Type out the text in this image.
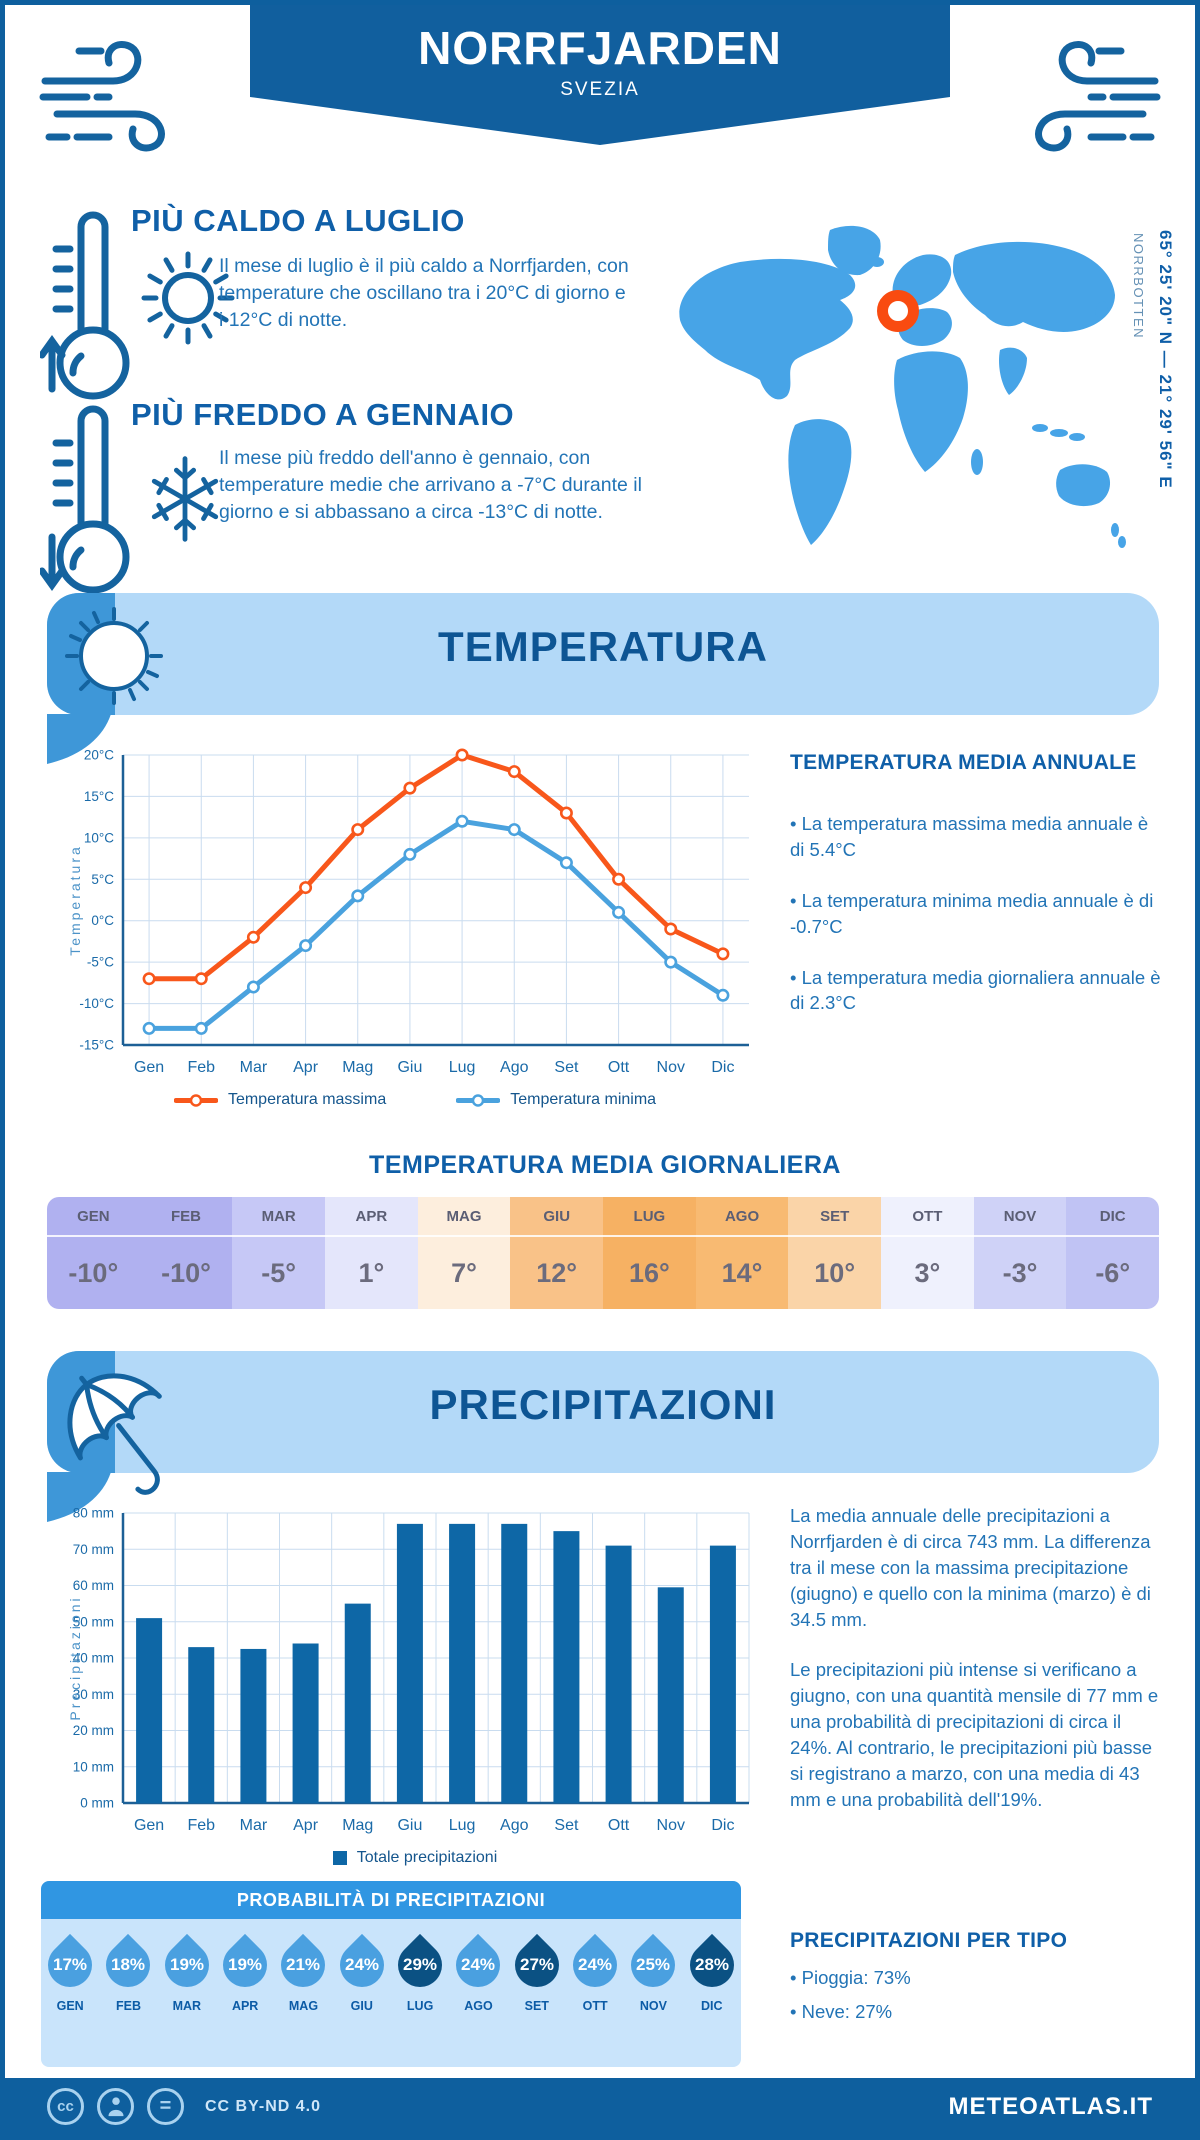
NORRFJARDEN
SVEZIA
PIÙ CALDO A LUGLIO
Il mese di luglio è il più caldo a Norrfjarden, con temperature che oscillano tra i 20°C di giorno e i 12°C di notte.
PIÙ FREDDO A GENNAIO
Il mese più freddo dell'anno è gennaio, con temperature medie che arrivano a -7°C durante il giorno e si abbassano a circa -13°C di notte.
65° 25' 20" N — 21° 29' 56" E
NORRBOTTEN
TEMPERATURA
-15°C
-10°C
-5°C
0°C
5°C
10°C
15°C
20°C
Gen Feb Mar Apr Mag Giu Lug Ago Set Ott Nov Dic
Temperatura
Temperatura massima	Temperatura minima
TEMPERATURA MEDIA ANNUALE

• La temperatura massima media annuale è di 5.4°C

• La temperatura minima media annuale è di -0.7°C

• La temperatura media giornaliera annuale è di 2.3°C

TEMPERATURA MEDIA GIORNALIERA
GEN
-10°
FEB
-10°
MAR
-5°
APR
1°
MAG
7°
GIU
12°
LUG
16°
AGO
14°
SET
10°
OTT
3°
NOV
-3°
DIC
-6°
PRECIPITAZIONI
0 mm
10 mm
20 mm
30 mm
40 mm
50 mm
60 mm
70 mm
80 mm
Gen Feb Mar Apr Mag Giu Lug Ago Set Ott Nov Dic
Precipitazioni
Totale precipitazioni

La media annuale delle precipitazioni a Norrfjarden è di circa 743 mm. La differenza tra il mese con la massima precipitazione (giugno) e quello con la minima (marzo) è di 34.5 mm.

Le precipitazioni più intense si verificano a giugno, con una quantità mensile di 77 mm e una probabilità di precipitazioni di circa il 24%. Al contrario, le precipitazioni più basse si registrano a marzo, con una media di 43 mm e una probabilità dell'19%.

PROBABILITÀ DI PRECIPITAZIONI
17%
GEN
18%
FEB
19%
MAR
19%
APR
21%
MAG
24%
GIU
29%
LUG
24%
AGO
27%
SET
24%
OTT
25%
NOV
28%
DIC
PRECIPITAZIONI PER TIPO

• Pioggia: 73%

• Neve: 27%

cc	=	CC BY-ND 4.0	METEOATLAS.IT
